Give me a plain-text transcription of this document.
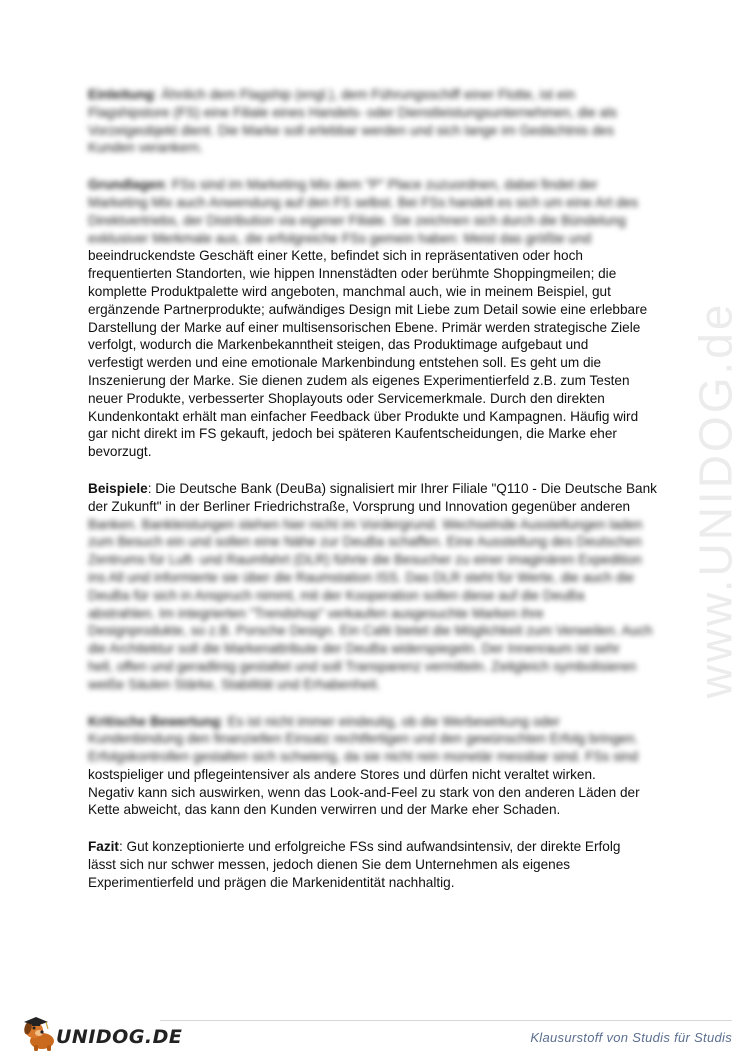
Einleitung: Ähnlich dem Flagship (engl.), dem Führungsschiff einer Flotte, ist ein
Flagshipstore (FS) eine Filiale eines Handels- oder Dienstleistungsunternehmen, die als
Vorzeigeobjekt dient. Die Marke soll erlebbar werden und sich lange im Gedächtnis des
Kunden verankern.

Grundlagen: FSs sind im Marketing Mix dem "P" Place zuzuordnen, dabei findet der
Marketing Mix auch Anwendung auf den FS selbst. Bei FSs handelt es sich um eine Art des
Direktvertriebs, der Distribution via eigener Filiale. Sie zeichnen sich durch die Bündelung
exklusiver Merkmale aus, die erfolgreiche FSs gemein haben: Meist das größte und
beeindruckendste Geschäft einer Kette, befindet sich in repräsentativen oder hoch
frequentierten Standorten, wie hippen Innenstädten oder berühmte Shoppingmeilen; die
komplette Produktpalette wird angeboten, manchmal auch, wie in meinem Beispiel, gut
ergänzende Partnerprodukte; aufwändiges Design mit Liebe zum Detail sowie eine erlebbare
Darstellung der Marke auf einer multisensorischen Ebene. Primär werden strategische Ziele
verfolgt, wodurch die Markenbekanntheit steigen, das Produktimage aufgebaut und
verfestigt werden und eine emotionale Markenbindung entstehen soll. Es geht um die
Inszenierung der Marke. Sie dienen zudem als eigenes Experimentierfeld z.B. zum Testen
neuer Produkte, verbesserter Shoplayouts oder Servicemerkmale. Durch den direkten
Kundenkontakt erhält man einfacher Feedback über Produkte und Kampagnen. Häufig wird
gar nicht direkt im FS gekauft, jedoch bei späteren Kaufentscheidungen, die Marke eher
bevorzugt.

Beispiele: Die Deutsche Bank (DeuBa) signalisiert mir Ihrer Filiale "Q110 - Die Deutsche Bank
der Zukunft" in der Berliner Friedrichstraße, Vorsprung und Innovation gegenüber anderen
Banken. Bankleistungen stehen hier nicht im Vordergrund. Wechselnde Ausstellungen laden
zum Besuch ein und sollen eine Nähe zur DeuBa schaffen. Eine Ausstellung des Deutschen
Zentrums für Luft- und Raumfahrt (DLR) führte die Besucher zu einer imaginären Expedition
ins All und informierte sie über die Raumstation ISS. Das DLR steht für Werte, die auch die
DeuBa für sich in Anspruch nimmt, mit der Kooperation sollen diese auf die DeuBa
abstrahlen. Im integrierten "Trendshop" verkaufen ausgesuchte Marken ihre
Designprodukte, so z.B. Porsche Design. Ein Café bietet die Möglichkeit zum Verweilen. Auch
die Architektur soll die Markenattribute der DeuBa widerspiegeln. Der Innenraum ist sehr
hell, offen und geradlinig gestaltet und soll Transparenz vermitteln. Zeitgleich symbolisieren
weiße Säulen Stärke, Stabilität und Erhabenheit.

Kritische Bewertung: Es ist nicht immer eindeutig, ob die Werbewirkung oder
Kundenbindung den finanziellen Einsatz rechtfertigen und den gewünschten Erfolg bringen.
Erfolgskontrollen gestalten sich schwierig, da sie nicht rein monetär messbar sind. FSs sind
kostspieliger und pflegeintensiver als andere Stores und dürfen nicht veraltet wirken.
Negativ kann sich auswirken, wenn das Look-and-Feel zu stark von den anderen Läden der
Kette abweicht, das kann den Kunden verwirren und der Marke eher Schaden.

Fazit: Gut konzeptionierte und erfolgreiche FSs sind aufwandsintensiv, der direkte Erfolg
lässt sich nur schwer messen, jedoch dienen Sie dem Unternehmen als eigenes
Experimentierfeld und prägen die Markenidentität nachhaltig.

www.UNIDOG.de
UNIDOG.DE	Klausurstoff von Studis für Studis
